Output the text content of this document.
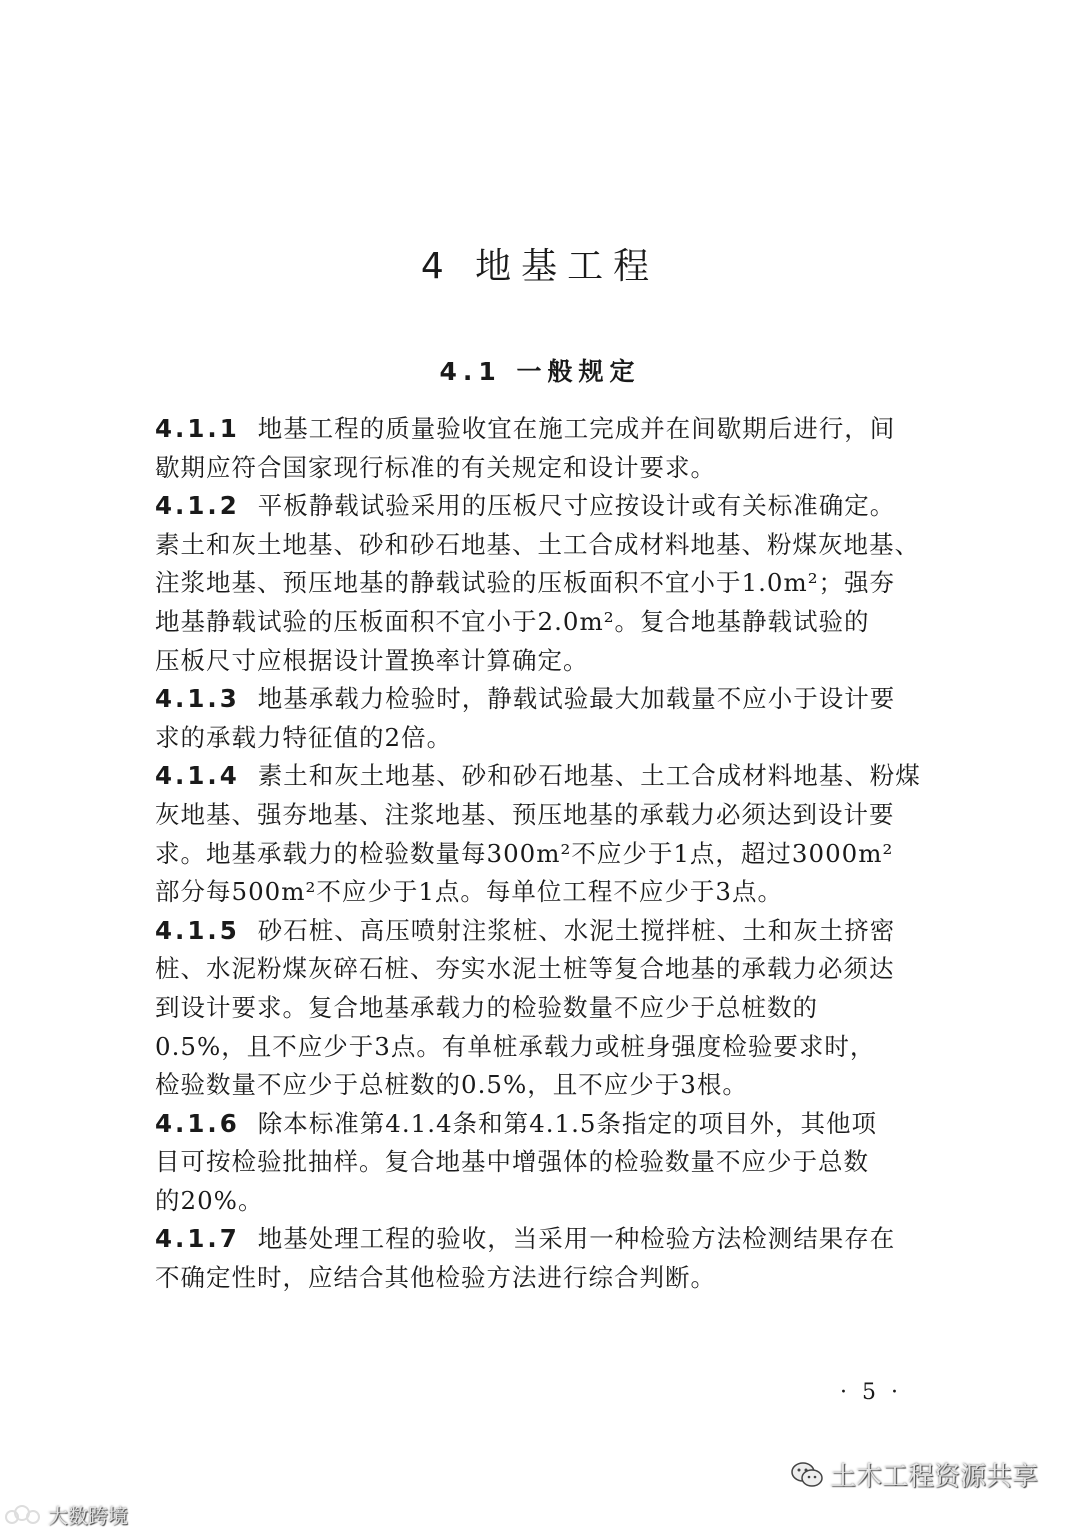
4 地基工程
4.1 一般规定
4.1.1 地基工程的质量验收宜在施工完成并在间歇期后进行，间
歇期应符合国家现行标准的有关规定和设计要求。
4.1.2 平板静载试验采用的压板尺寸应按设计或有关标准确定。
素土和灰土地基、砂和砂石地基、土工合成材料地基、粉煤灰地基、
注浆地基、预压地基的静载试验的压板面积不宜小于1.0m²；强夯
地基静载试验的压板面积不宜小于2.0m²。复合地基静载试验的
压板尺寸应根据设计置换率计算确定。
4.1.3 地基承载力检验时，静载试验最大加载量不应小于设计要
求的承载力特征值的2倍。
4.1.4 素土和灰土地基、砂和砂石地基、土工合成材料地基、粉煤
灰地基、强夯地基、注浆地基、预压地基的承载力必须达到设计要
求。地基承载力的检验数量每300m²不应少于1点，超过3000m²
部分每500m²不应少于1点。每单位工程不应少于3点。
4.1.5 砂石桩、高压喷射注浆桩、水泥土搅拌桩、土和灰土挤密
桩、水泥粉煤灰碎石桩、夯实水泥土桩等复合地基的承载力必须达
到设计要求。复合地基承载力的检验数量不应少于总桩数的
0.5%，且不应少于3点。有单桩承载力或桩身强度检验要求时，
检验数量不应少于总桩数的0.5%，且不应少于3根。
4.1.6 除本标准第4.1.4条和第4.1.5条指定的项目外，其他项
目可按检验批抽样。复合地基中增强体的检验数量不应少于总数
的20%。
4.1.7 地基处理工程的验收，当采用一种检验方法检测结果存在
不确定性时，应结合其他检验方法进行综合判断。
· 5 ·
土木工程资源共享
大数跨境
